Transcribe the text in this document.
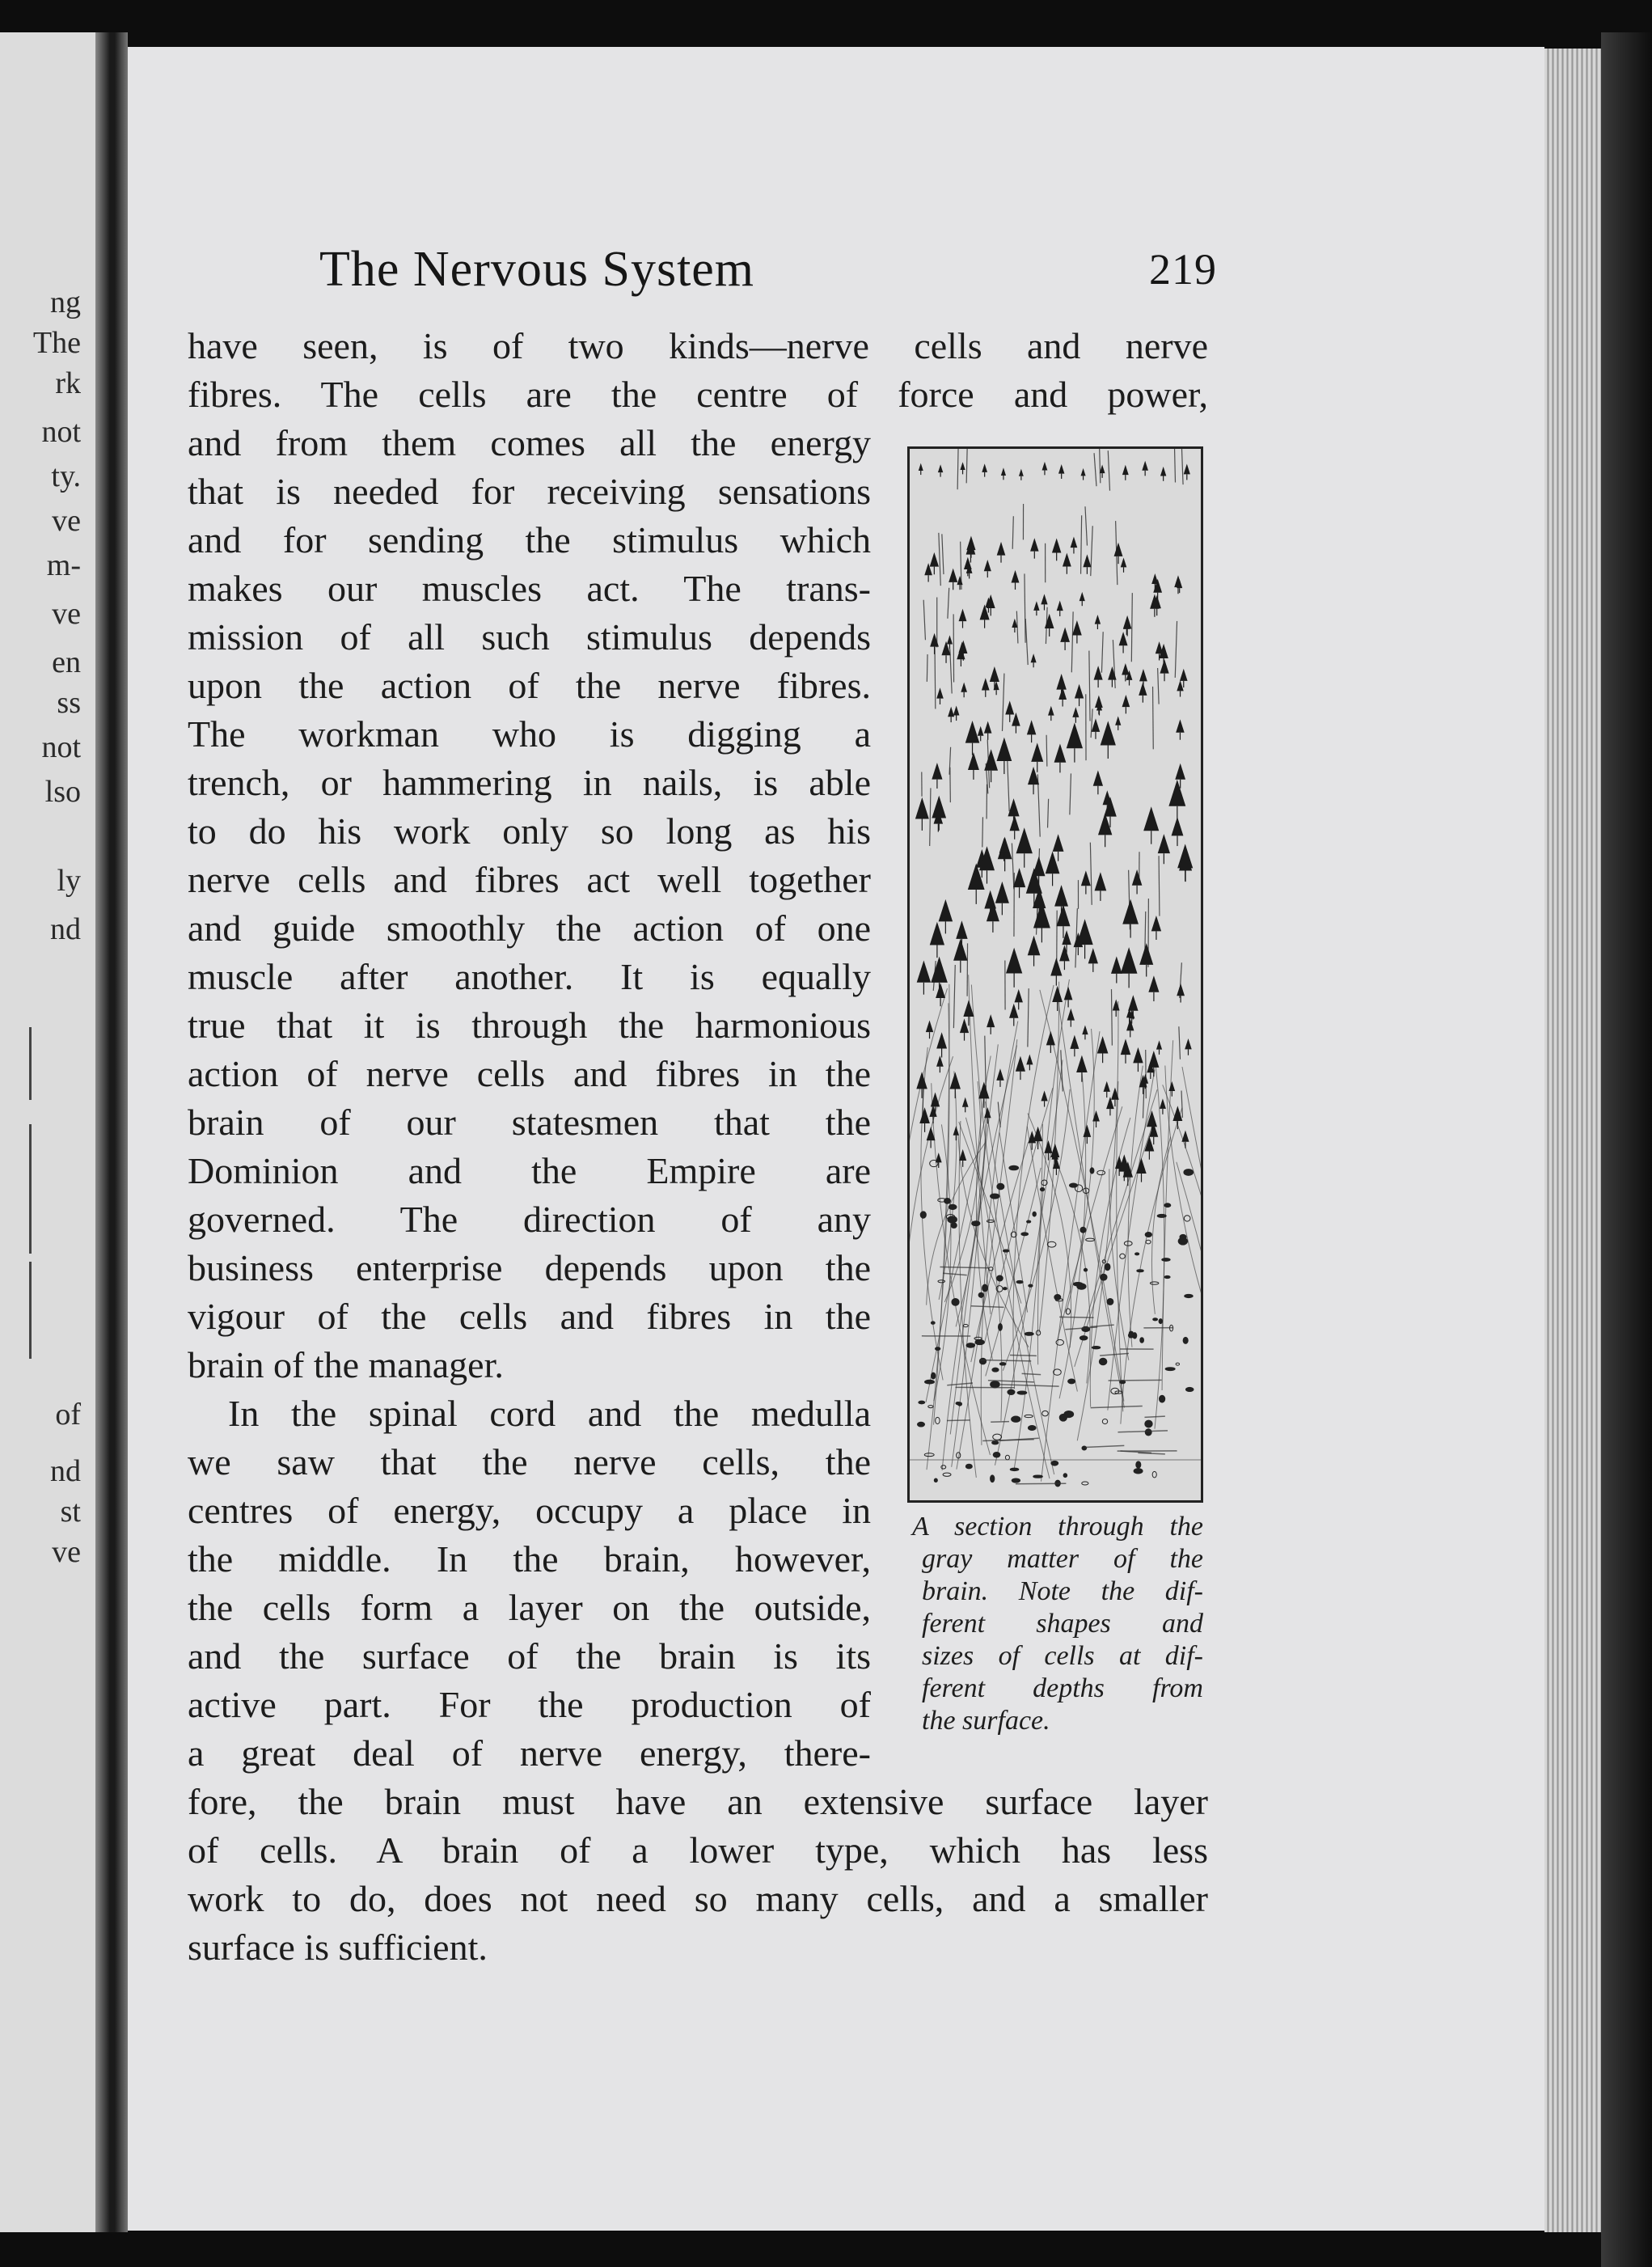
ng
The
rk
not
ty.
ve
m-
ve
en
ss
not
lso
ly
nd
of
nd
st
ve
The Nervous System	219
have seen, is of two kinds—nerve cells and nerve
fibres. The cells are the centre of force and power,
and from them comes all the energy
that is needed for receiving sensations
and for sending the stimulus which
makes our muscles act. The trans-
mission of all such stimulus depends
upon the action of the nerve fibres.
The workman who is digging a
trench, or hammering in nails, is able
to do his work only so long as his
nerve cells and fibres act well together
and guide smoothly the action of one
muscle after another. It is equally
true that it is through the harmonious
action of nerve cells and fibres in the
brain of our statesmen that the
Dominion and the Empire are
governed. The direction of any
business enterprise depends upon the
vigour of the cells and fibres in the
brain of the manager.
In the spinal cord and the medulla
we saw that the nerve cells, the
centres of energy, occupy a place in
the middle. In the brain, however,
the cells form a layer on the outside,
and the surface of the brain is its
active part. For the production of
a great deal of nerve energy, there-
fore, the brain must have an extensive surface layer
of cells. A brain of a lower type, which has less
work to do, does not need so many cells, and a smaller
surface is sufficient.
A section through the
gray matter of the
brain. Note the dif-
ferent shapes and
sizes of cells at dif-
ferent depths from
the surface.
